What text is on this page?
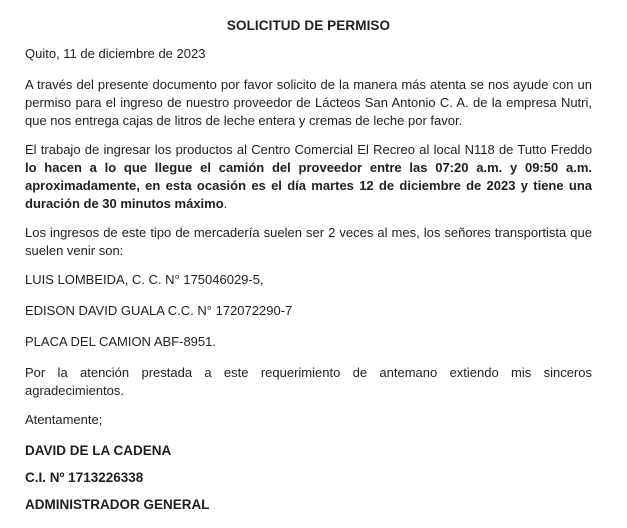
SOLICITUD DE PERMISO

Quito, 11 de diciembre de 2023

A través del presente documento por favor solicito de la manera más atenta se nos ayude con un permiso para el ingreso de nuestro proveedor de Lácteos San Antonio C. A. de la empresa Nutri, que nos entrega cajas de litros de leche entera y cremas de leche por favor.

El trabajo de ingresar los productos al Centro Comercial El Recreo al local N118 de Tutto Freddo lo hacen a lo que llegue el camión del proveedor entre las 07:20 a.m. y 09:50 a.m. aproximadamente, en esta ocasión es el día martes 12 de diciembre de 2023 y tiene una duración de 30 minutos máximo.

Los ingresos de este tipo de mercadería suelen ser 2 veces al mes, los señores transportista que suelen venir son:

LUIS LOMBEIDA, C. C. N° 175046029-5,

EDISON DAVID GUALA C.C. N° 172072290-7

PLACA DEL CAMION ABF-8951.

Por la atención prestada a este requerimiento de antemano extiendo mis sinceros agradecimientos.

Atentamente;

DAVID DE LA CADENA

C.I. Nº 1713226338

ADMINISTRADOR GENERAL
